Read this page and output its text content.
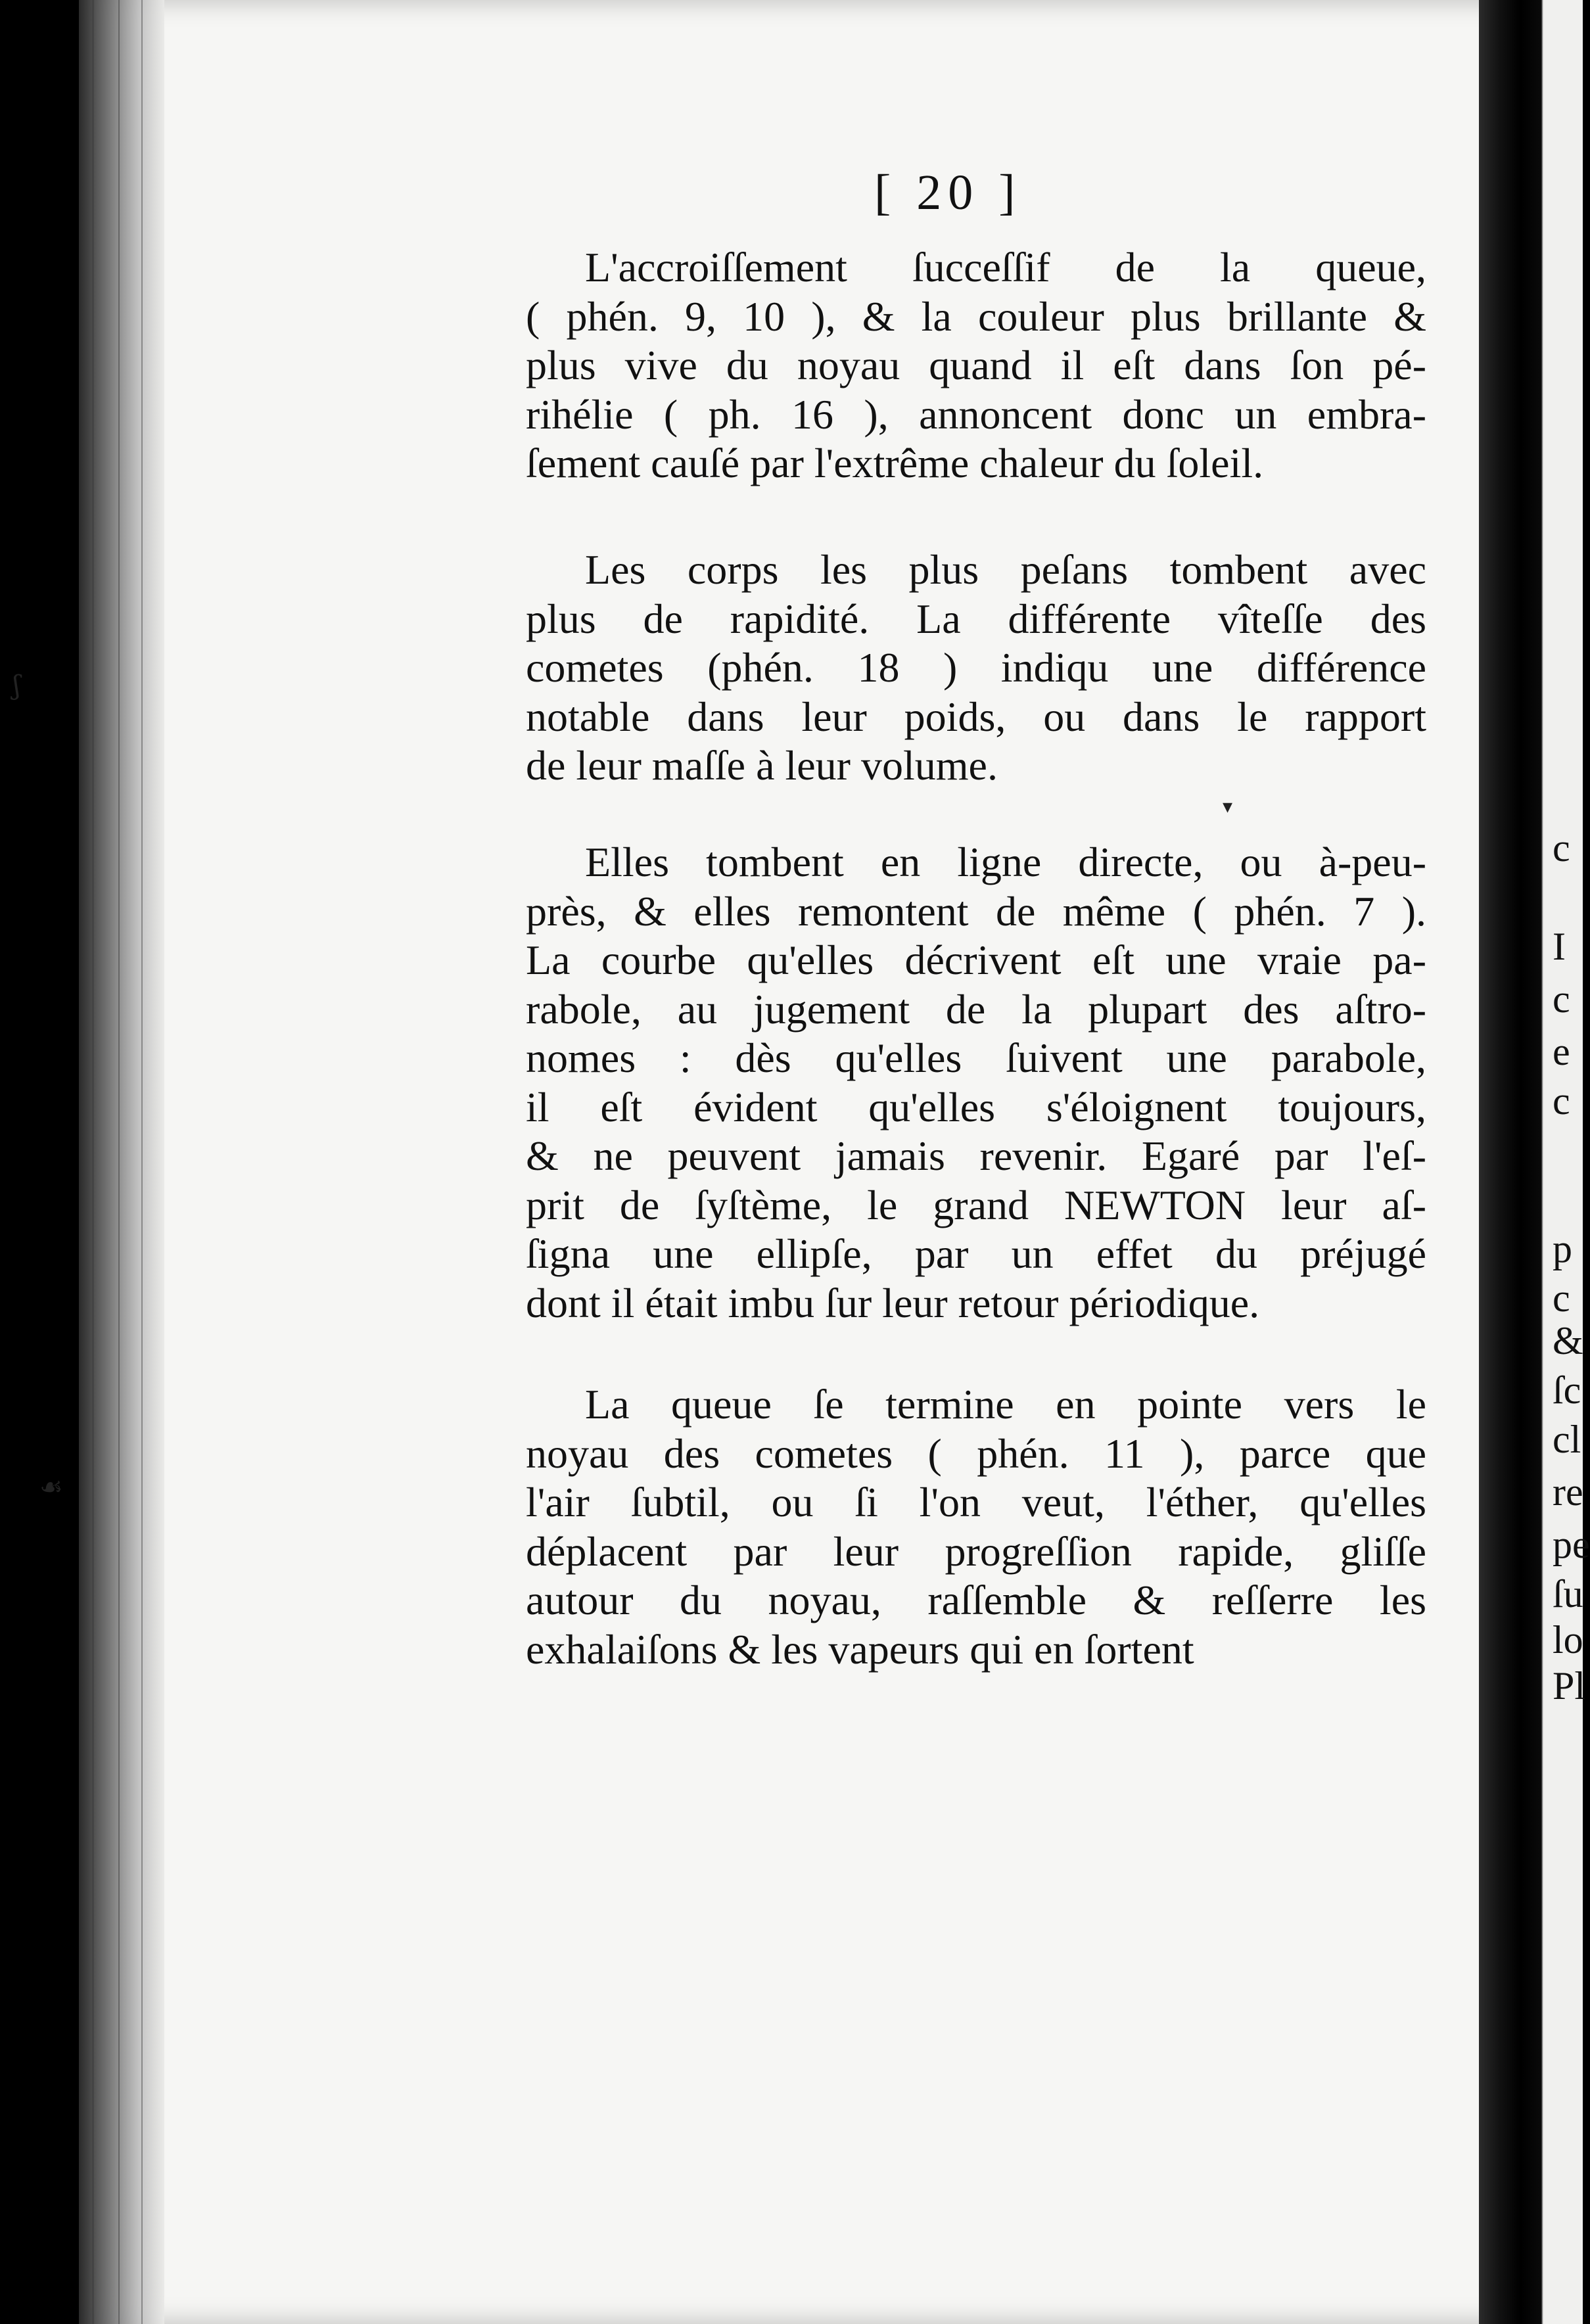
ʃ
☙
▾
[ 20 ]
L'accroiſſement ſucceſſif de la queue,
( phén. 9, 10 ), & la couleur plus brillante &
plus vive du noyau quand il eſt dans ſon pé-
rihélie ( ph. 16 ), annoncent donc un embra-
ſement cauſé par l'extrême chaleur du ſoleil.
Les corps les plus peſans tombent avec
plus de rapidité. La différente vîteſſe des
cometes (phén. 18 ) indiqu une différence
notable dans leur poids, ou dans le rapport
de leur maſſe à leur volume.
Elles tombent en ligne directe, ou à-peu-
près, & elles remontent de même ( phén. 7 ).
La courbe qu'elles décrivent eſt une vraie pa-
rabole, au jugement de la plupart des aſtro-
nomes : dès qu'elles ſuivent une parabole,
il eſt évident qu'elles s'éloignent toujours,
& ne peuvent jamais revenir. Egaré par l'eſ-
prit de ſyſtème, le grand NEWTON leur aſ-
ſigna une ellipſe, par un effet du préjugé
dont il était imbu ſur leur retour périodique.
La queue ſe termine en pointe vers le
noyau des cometes ( phén. 11 ), parce que
l'air ſubtil, ou ſi l'on veut, l'éther, qu'elles
déplacent par leur progreſſion rapide, gliſſe
autour du noyau, raſſemble & reſſerre les
exhalaiſons & les vapeurs qui en ſortent
c
I
c
e
c
p
c
&
ſc
cl
re
pe
ſu
lo
Pl
